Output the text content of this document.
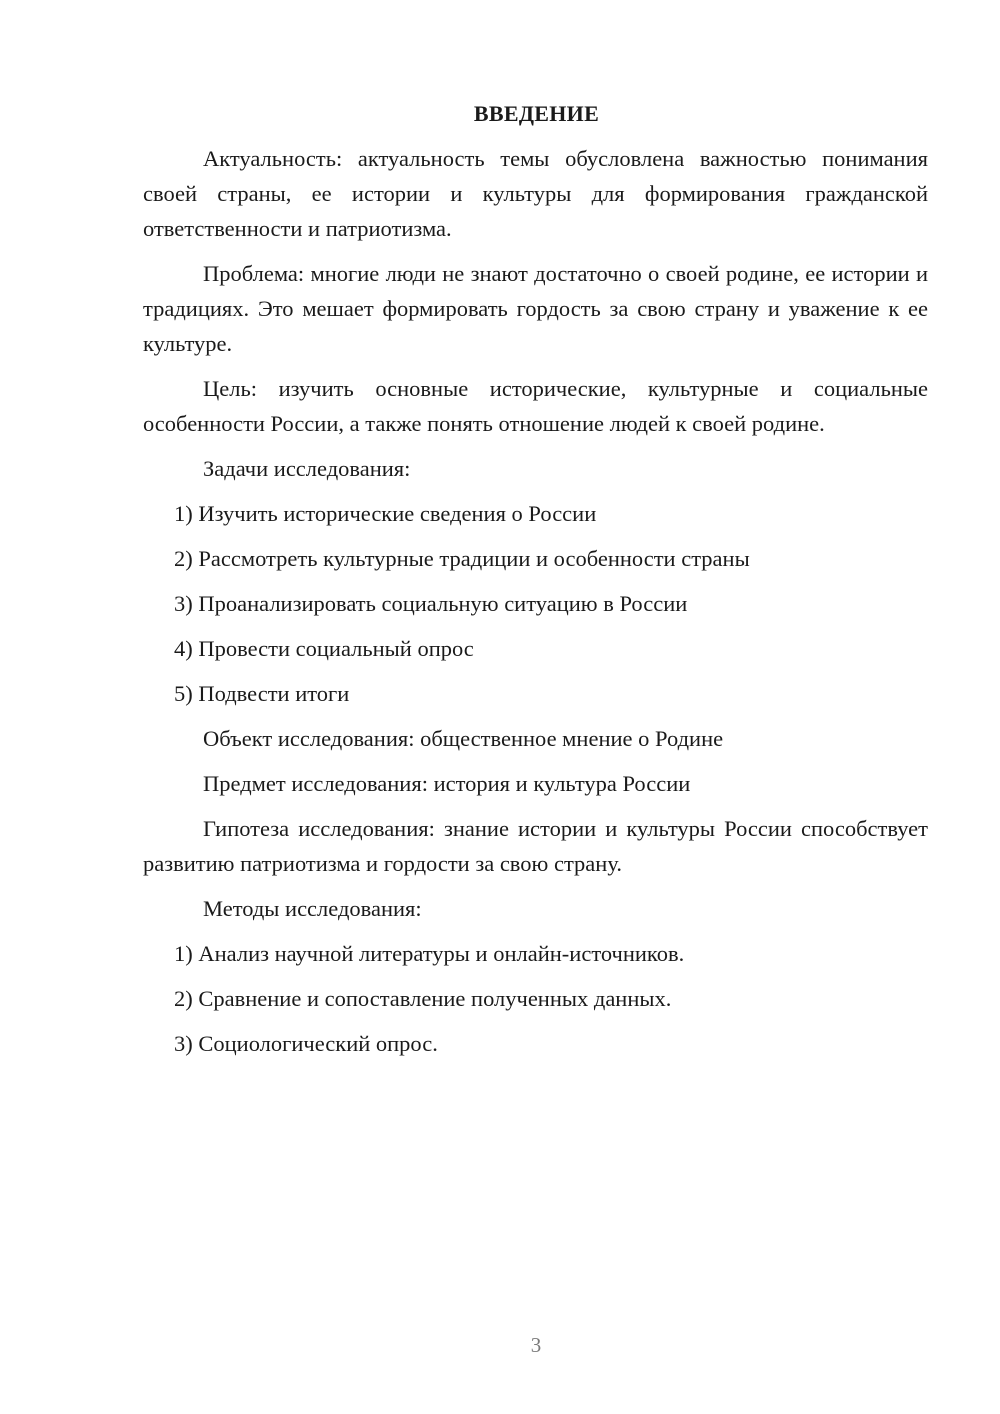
ВВЕДЕНИЕ
Актуальность: актуальность темы обусловлена важностью понимания своей страны, ее истории и культуры для формирования гражданской ответственности и патриотизма.
Проблема: многие люди не знают достаточно о своей родине, ее истории и традициях. Это мешает формировать гордость за свою страну и уважение к ее культуре.
Цель: изучить основные исторические, культурные и социальные особенности России, а также понять отношение людей к своей родине.
Задачи исследования:
1) Изучить исторические сведения о России
2) Рассмотреть культурные традиции и особенности страны
3) Проанализировать социальную ситуацию в России
4) Провести социальный опрос
5) Подвести итоги
Объект исследования: общественное мнение о Родине
Предмет исследования: история и культура России
Гипотеза исследования: знание истории и культуры России способствует развитию патриотизма и гордости за свою страну.
Методы исследования:
1) Анализ научной литературы и онлайн-источников.
2) Сравнение и сопоставление полученных данных.
3) Социологический опрос.
3
